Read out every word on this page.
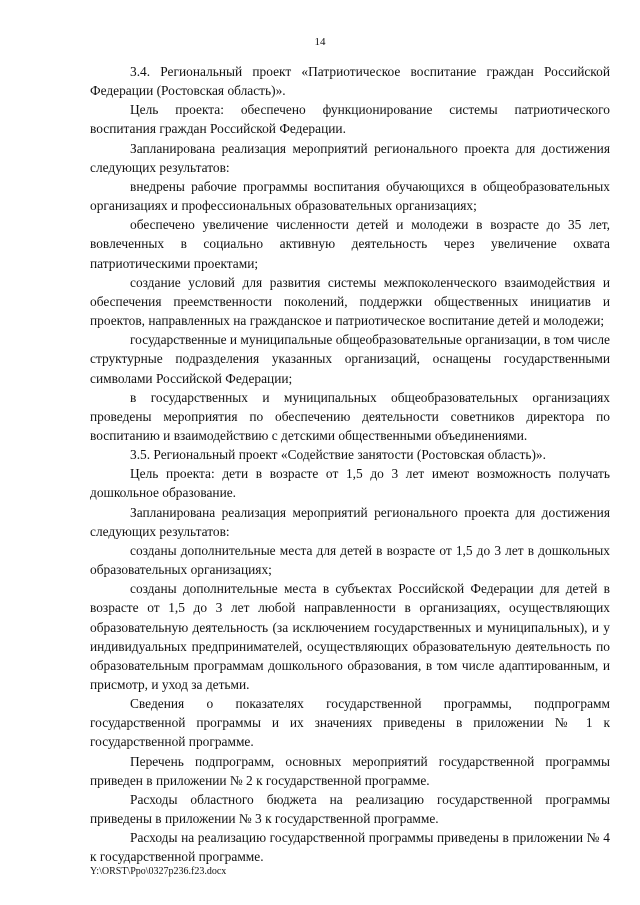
14

3.4. Региональный проект «Патриотическое воспитание граждан Российской Федерации (Ростовская область)».

Цель проекта: обеспечено функционирование системы патриотического воспитания граждан Российской Федерации.

Запланирована реализация мероприятий регионального проекта для достижения следующих результатов:

внедрены рабочие программы воспитания обучающихся в общеобразовательных организациях и профессиональных образовательных организациях;

обеспечено увеличение численности детей и молодежи в возрасте до 35 лет, вовлеченных в социально активную деятельность через увеличение охвата патриотическими проектами;

создание условий для развития системы межпоколенческого взаимодействия и обеспечения преемственности поколений, поддержки общественных инициатив и проектов, направленных на гражданское и патриотическое воспитание детей и молодежи;

государственные и муниципальные общеобразовательные организации, в том числе структурные подразделения указанных организаций, оснащены государственными символами Российской Федерации;

в государственных и муниципальных общеобразовательных организациях проведены мероприятия по обеспечению деятельности советников директора по воспитанию и взаимодействию с детскими общественными объединениями.

3.5. Региональный проект «Содействие занятости (Ростовская область)».

Цель проекта: дети в возрасте от 1,5 до 3 лет имеют возможность получать дошкольное образование.

Запланирована реализация мероприятий регионального проекта для достижения следующих результатов:

созданы дополнительные места для детей в возрасте от 1,5 до 3 лет в дошкольных образовательных организациях;

созданы дополнительные места в субъектах Российской Федерации для детей в возрасте от 1,5 до 3 лет любой направленности в организациях, осуществляющих образовательную деятельность (за исключением государственных и муниципальных), и у индивидуальных предпринимателей, осуществляющих образовательную деятельность по образовательным программам дошкольного образования, в том числе адаптированным, и присмотр, и уход за детьми.

Сведения о показателях государственной программы, подпрограмм государственной программы и их значениях приведены в приложении № 1 к государственной программе.

Перечень подпрограмм, основных мероприятий государственной программы приведен в приложении № 2 к государственной программе.

Расходы областного бюджета на реализацию государственной программы приведены в приложении № 3 к государственной программе.

Расходы на реализацию государственной программы приведены в приложении № 4 к государственной программе.

Y:\ORST\Ppo\0327p236.f23.docx
